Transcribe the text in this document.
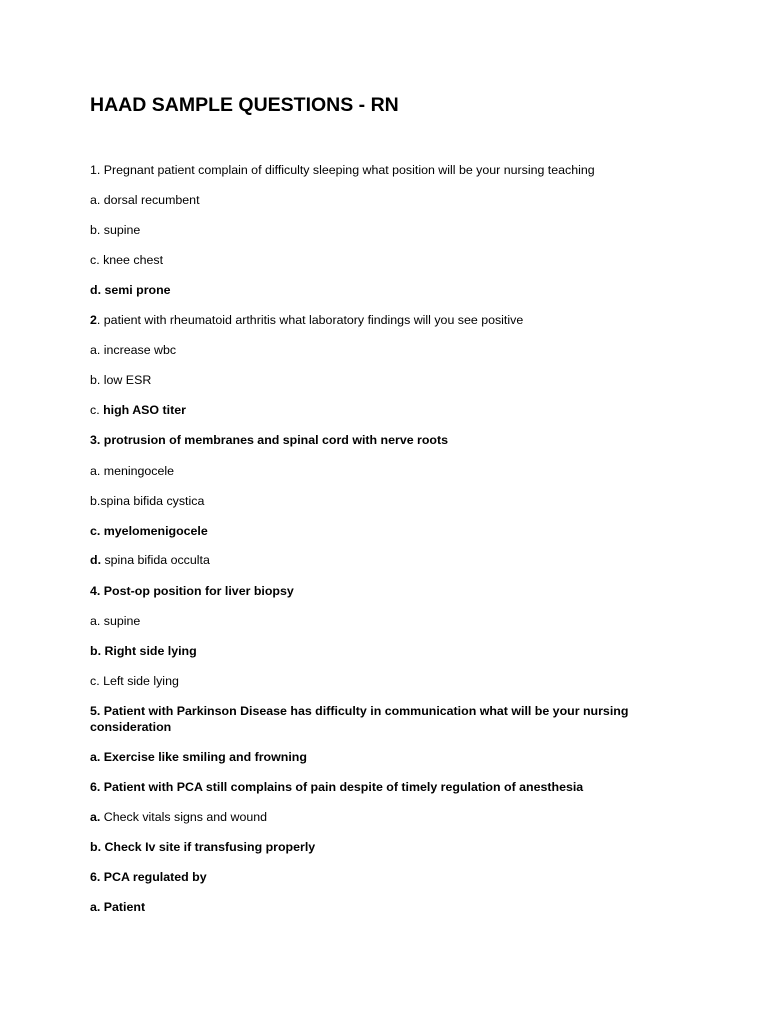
HAAD SAMPLE QUESTIONS - RN

1. Pregnant patient complain of difficulty sleeping what position will be your nursing teaching

a. dorsal recumbent

b. supine

c. knee chest

d. semi prone

2. patient with rheumatoid arthritis what laboratory findings will you see positive

a. increase wbc

b. low ESR

c. high ASO titer

3. protrusion of membranes and spinal cord with nerve roots

a. meningocele

b.spina bifida cystica

c. myelomenigocele

d. spina bifida occulta

4. Post-op position for liver biopsy

a. supine

b. Right side lying

c. Left side lying

5. Patient with Parkinson Disease has difficulty in communication what will be your nursing consideration

a. Exercise like smiling and frowning

6. Patient with PCA still complains of pain despite of timely regulation of anesthesia

a. Check vitals signs and wound

b. Check Iv site if transfusing properly

6. PCA regulated by

a. Patient
